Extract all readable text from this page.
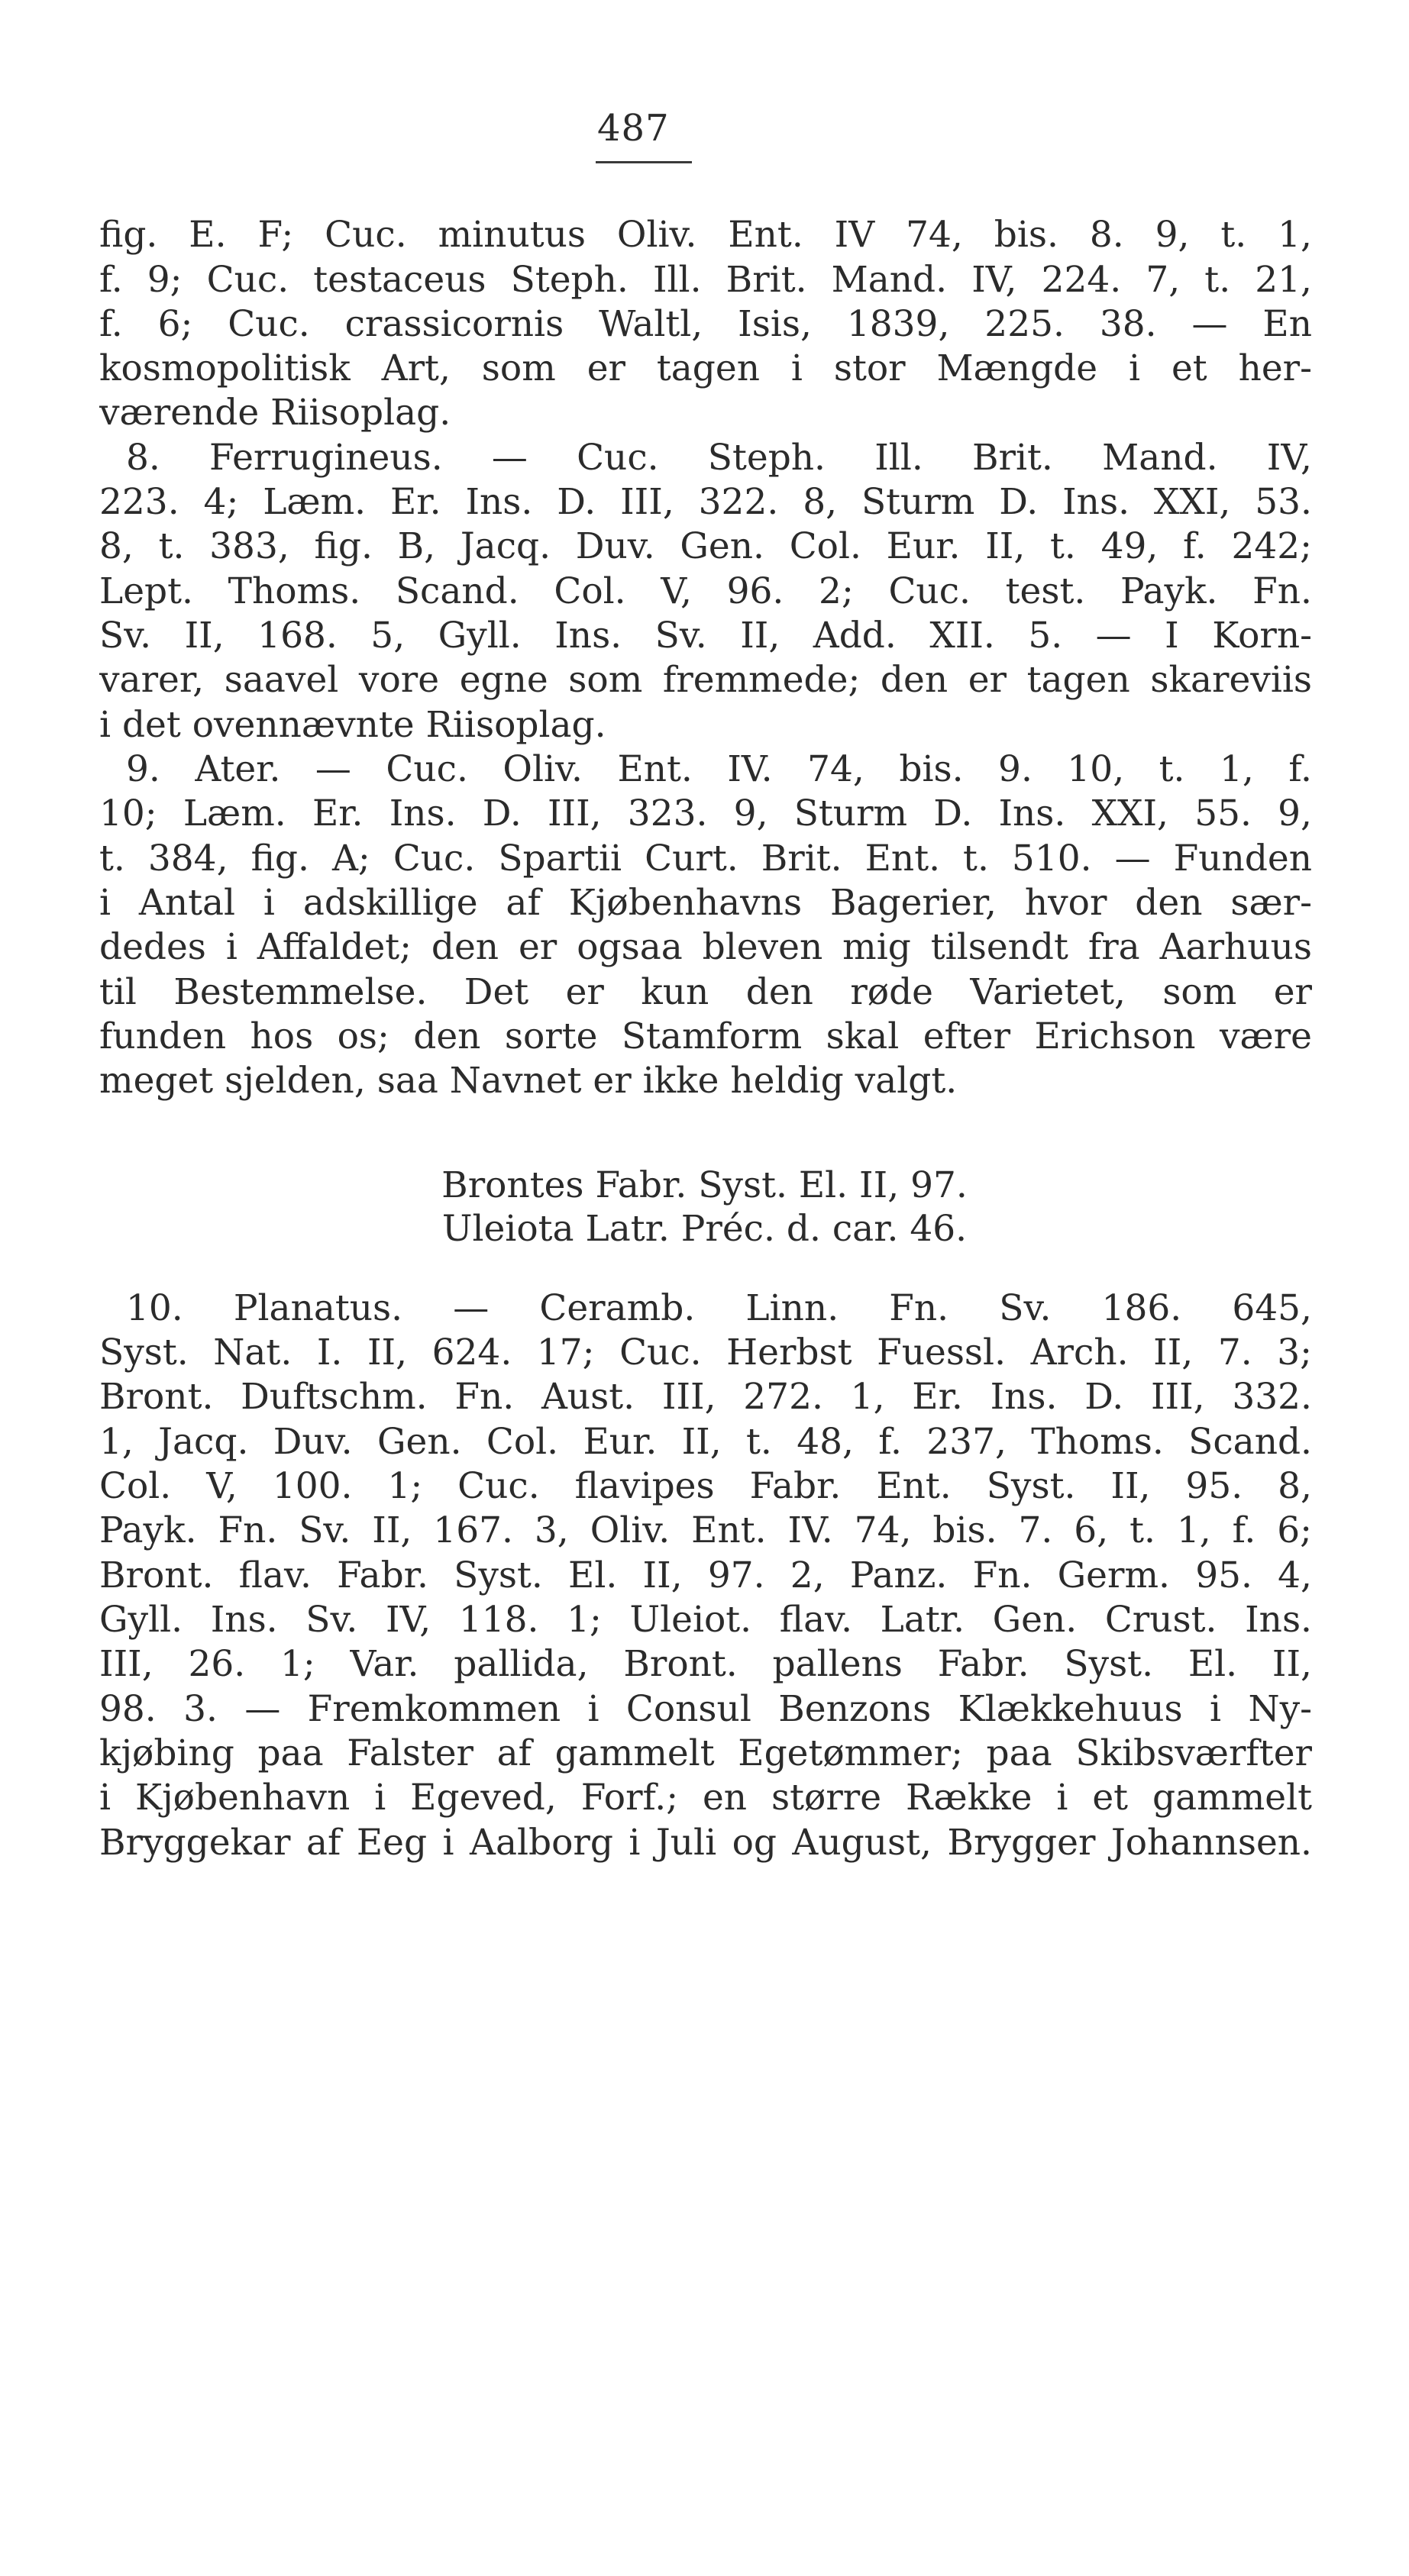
487
fig. E. F; Cuc. minutus Oliv. Ent. IV 74, bis. 8. 9, t. 1,
f. 9; Cuc. testaceus Steph. Ill. Brit. Mand. IV, 224. 7, t. 21,
f. 6; Cuc. crassicornis Waltl, Isis, 1839, 225. 38. — En
kosmopolitisk Art, som er tagen i stor Mængde i et her-
værende Riisoplag.
8. Ferrugineus. — Cuc. Steph. Ill. Brit. Mand. IV,
223. 4; Læm. Er. Ins. D. III, 322. 8, Sturm D. Ins. XXI, 53.
8, t. 383, fig. B, Jacq. Duv. Gen. Col. Eur. II, t. 49, f. 242;
Lept. Thoms. Scand. Col. V, 96. 2; Cuc. test. Payk. Fn.
Sv. II, 168. 5, Gyll. Ins. Sv. II, Add. XII. 5. — I Korn-
varer, saavel vore egne som fremmede; den er tagen skareviis
i det ovennævnte Riisoplag.
9. Ater. — Cuc. Oliv. Ent. IV. 74, bis. 9. 10, t. 1, f.
10; Læm. Er. Ins. D. III, 323. 9, Sturm D. Ins. XXI, 55. 9,
t. 384, fig. A; Cuc. Spartii Curt. Brit. Ent. t. 510. — Funden
i Antal i adskillige af Kjøbenhavns Bagerier, hvor den sær-
dedes i Affaldet; den er ogsaa bleven mig tilsendt fra Aarhuus
til Bestemmelse. Det er kun den røde Varietet, som er
funden hos os; den sorte Stamform skal efter Erichson være
meget sjelden, saa Navnet er ikke heldig valgt.
Brontes Fabr. Syst. El. II, 97.
Uleiota Latr. Préc. d. car. 46.
10. Planatus. — Ceramb. Linn. Fn. Sv. 186. 645,
Syst. Nat. I. II, 624. 17; Cuc. Herbst Fuessl. Arch. II, 7. 3;
Bront. Duftschm. Fn. Aust. III, 272. 1, Er. Ins. D. III, 332.
1, Jacq. Duv. Gen. Col. Eur. II, t. 48, f. 237, Thoms. Scand.
Col. V, 100. 1; Cuc. flavipes Fabr. Ent. Syst. II, 95. 8,
Payk. Fn. Sv. II, 167. 3, Oliv. Ent. IV. 74, bis. 7. 6, t. 1, f. 6;
Bront. flav. Fabr. Syst. El. II, 97. 2, Panz. Fn. Germ. 95. 4,
Gyll. Ins. Sv. IV, 118. 1; Uleiot. flav. Latr. Gen. Crust. Ins.
III, 26. 1; Var. pallida, Bront. pallens Fabr. Syst. El. II,
98. 3. — Fremkommen i Consul Benzons Klækkehuus i Ny-
kjøbing paa Falster af gammelt Egetømmer; paa Skibsværfter
i Kjøbenhavn i Egeved, Forf.; en større Række i et gammelt
Bryggekar af Eeg i Aalborg i Juli og August, Brygger Johannsen.
